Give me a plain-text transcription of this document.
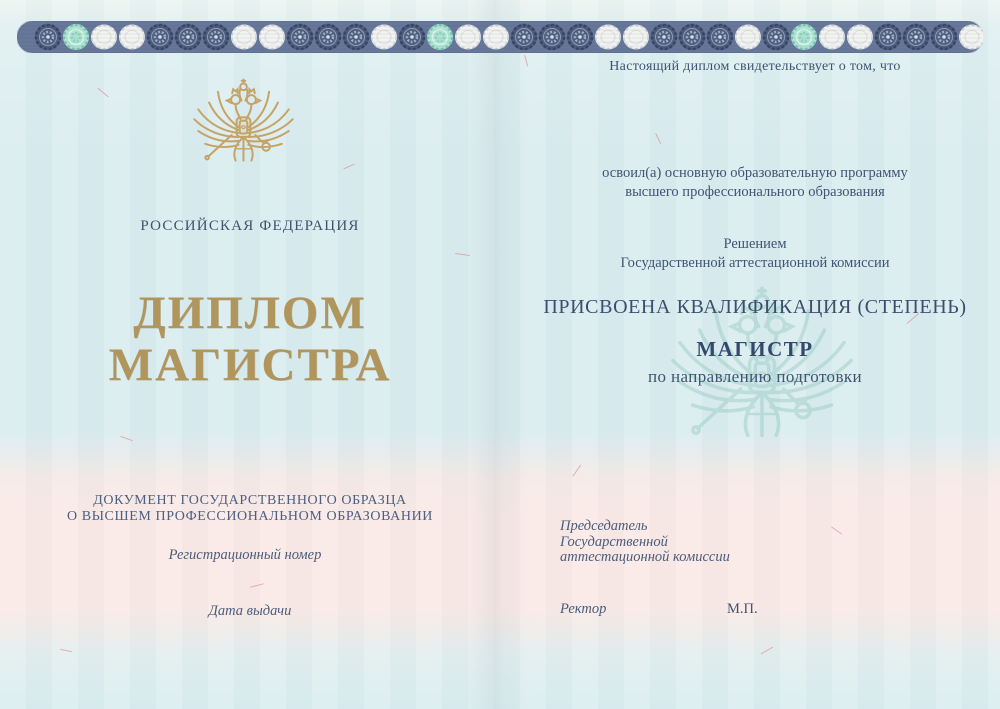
РОССИЙСКАЯ ФЕДЕРАЦИЯ
ДИПЛОМ
МАГИСТРА
ДОКУМЕНТ ГОСУДАРСТВЕННОГО ОБРАЗЦА
О ВЫСШЕМ ПРОФЕССИОНАЛЬНОМ ОБРАЗОВАНИИ
Регистрационный номер
Дата выдачи
Настоящий диплом свидетельствует о том, что
освоил(а) основную образовательную программу
высшего профессионального образования
Решением
Государственной аттестационной комиссии
ПРИСВОЕНА КВАЛИФИКАЦИЯ (СТЕПЕНЬ)
МАГИСТР
по направлению подготовки
Председатель
Государственной
аттестационной комиссии
Ректор	М.П.
